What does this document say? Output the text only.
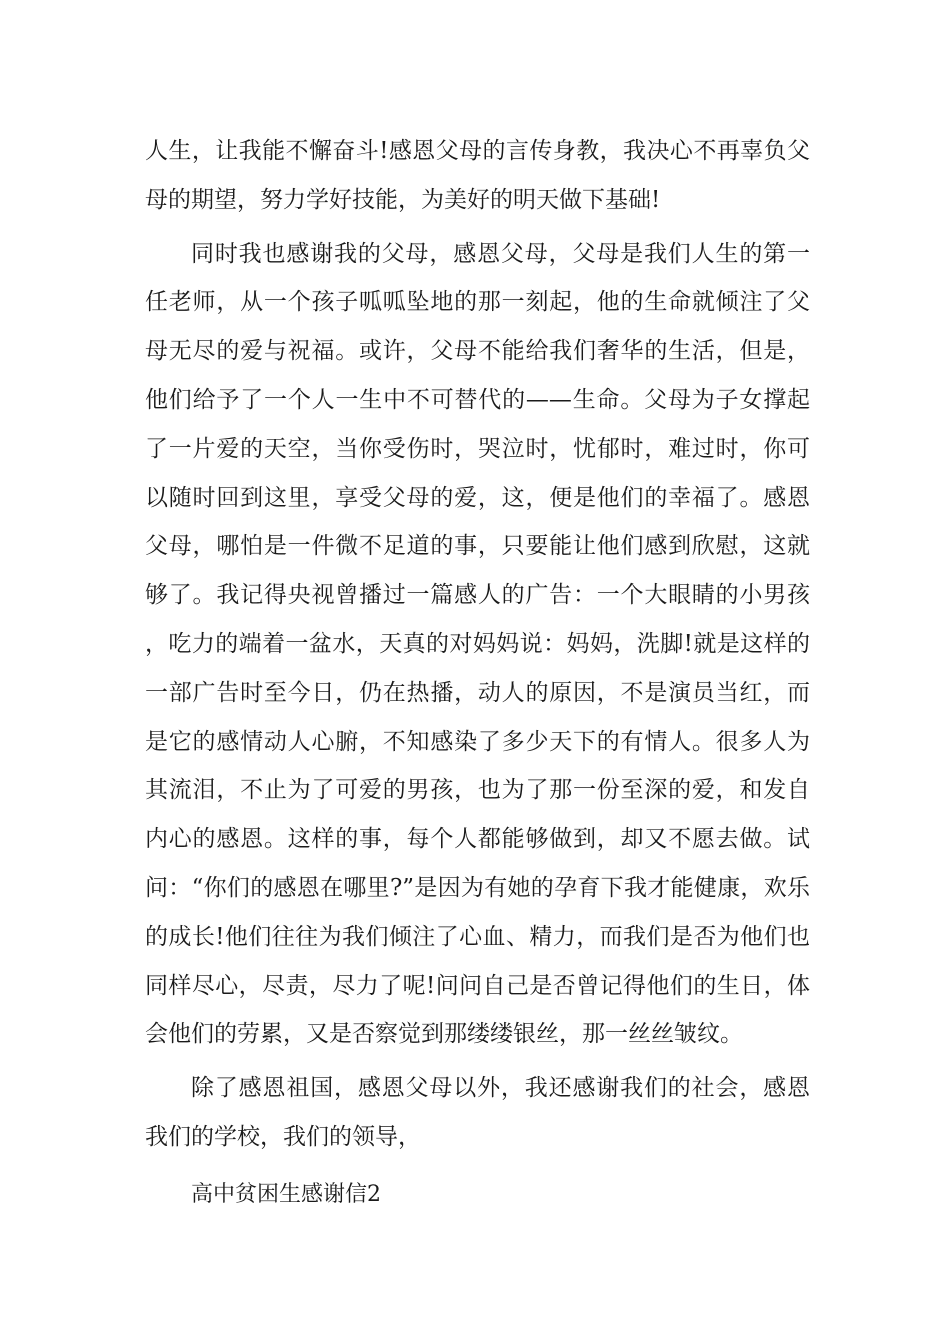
人生，让我能不懈奋斗!感恩父母的言传身教，我决心不再辜负父母的期望，努力学好技能，为美好的明天做下基础!

同时我也感谢我的父母，感恩父母，父母是我们人生的第一任老师，从一个孩子呱呱坠地的那一刻起，他的生命就倾注了父母无尽的爱与祝福。或许，父母不能给我们奢华的生活，但是，他们给予了一个人一生中不可替代的——生命。父母为子女撑起了一片爱的天空，当你受伤时，哭泣时，忧郁时，难过时，你可以随时回到这里，享受父母的爱，这，便是他们的幸福了。感恩父母，哪怕是一件微不足道的事，只要能让他们感到欣慰，这就够了。我记得央视曾播过一篇感人的广告：一个大眼睛的小男孩，吃力的端着一盆水，天真的对妈妈说：妈妈，洗脚!就是这样的一部广告时至今日，仍在热播，动人的原因，不是演员当红，而是它的感情动人心腑，不知感染了多少天下的有情人。很多人为其流泪，不止为了可爱的男孩，也为了那一份至深的爱，和发自内心的感恩。这样的事，每个人都能够做到，却又不愿去做。试问：“你们的感恩在哪里?”是因为有她的孕育下我才能健康，欢乐的成长!他们往往为我们倾注了心血、精力，而我们是否为他们也同样尽心，尽责，尽力了呢!问问自己是否曾记得他们的生日，体会他们的劳累，又是否察觉到那缕缕银丝，那一丝丝皱纹。

除了感恩祖国，感恩父母以外，我还感谢我们的社会，感恩我们的学校，我们的领导，

高中贫困生感谢信2
